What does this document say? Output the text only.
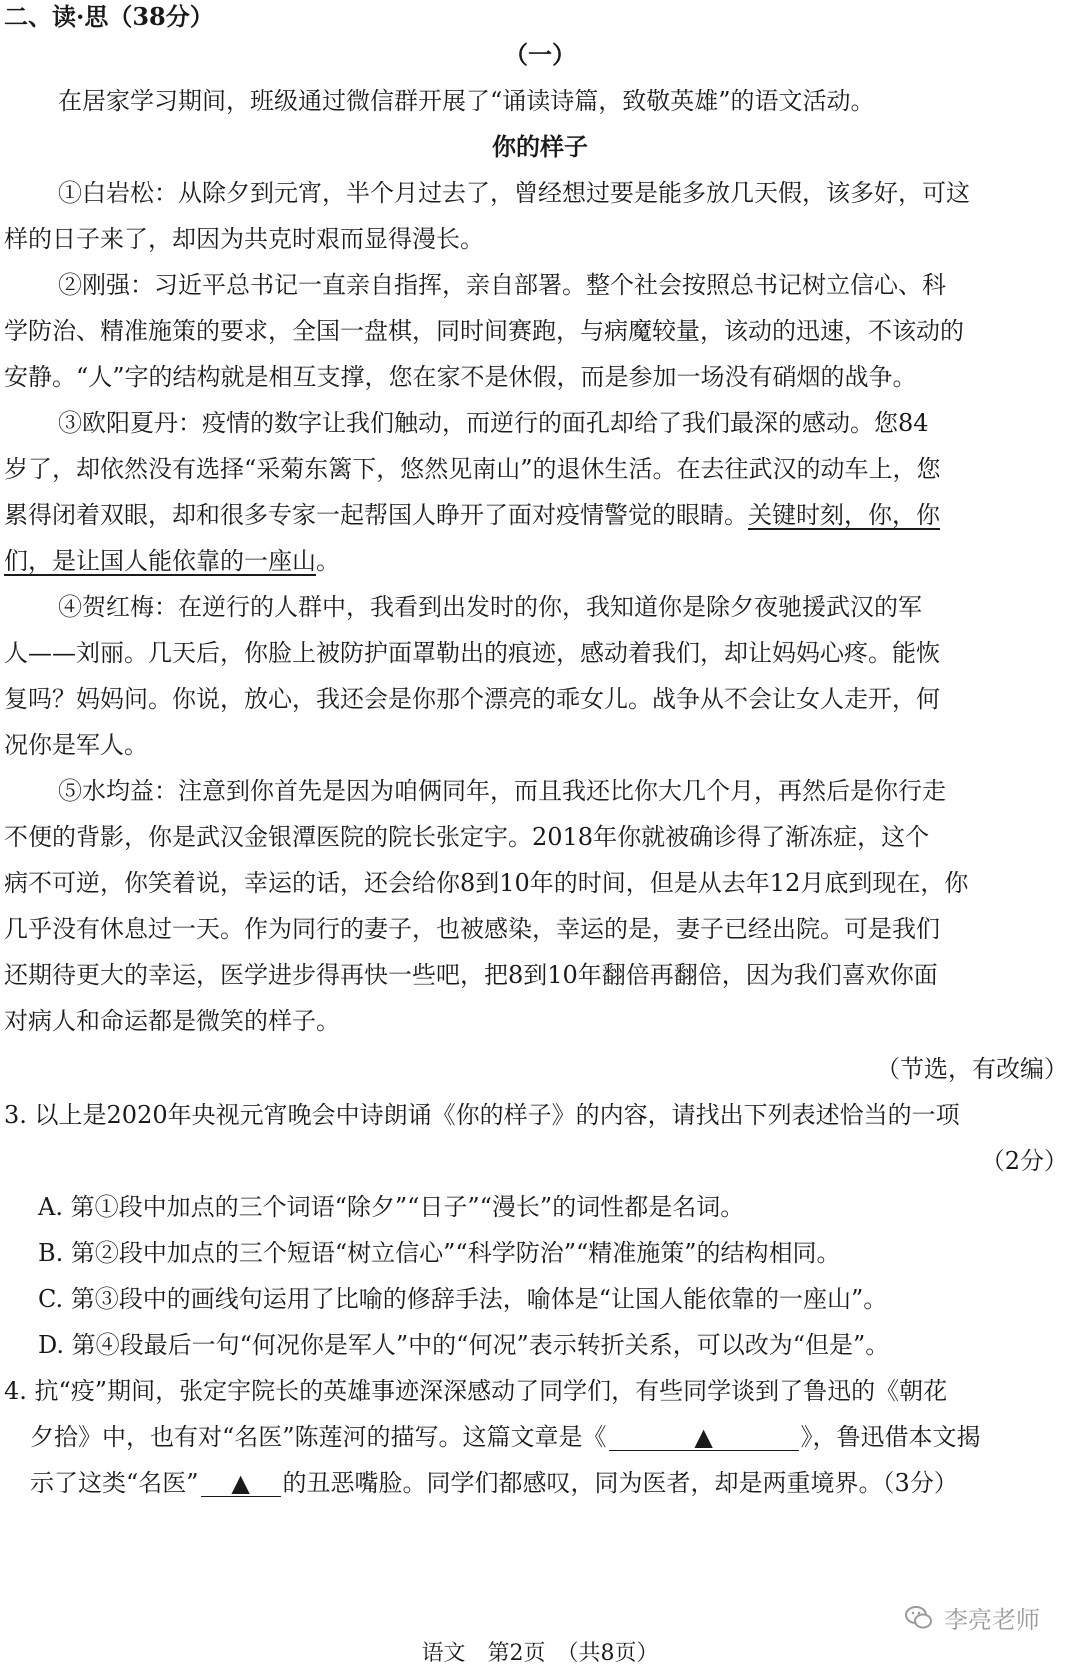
二、读·思（38分）
（一）
在居家学习期间，班级通过微信群开展了“诵读诗篇，致敬英雄”的语文活动。
你的样子
①白岩松：从除夕到元宵，半个月过去了，曾经想过要是能多放几天假，该多好，可这
样的日子来了，却因为共克时艰而显得漫长。
②刚强：习近平总书记一直亲自指挥，亲自部署。整个社会按照总书记树立信心、科
学防治、精准施策的要求，全国一盘棋，同时间赛跑，与病魔较量，该动的迅速，不该动的
安静。“人”字的结构就是相互支撑，您在家不是休假，而是参加一场没有硝烟的战争。
③欧阳夏丹：疫情的数字让我们触动，而逆行的面孔却给了我们最深的感动。您84
岁了，却依然没有选择“采菊东篱下，悠然见南山”的退休生活。在去往武汉的动车上，您
累得闭着双眼，却和很多专家一起帮国人睁开了面对疫情警觉的眼睛。关键时刻，你，你
们，是让国人能依靠的一座山。
④贺红梅：在逆行的人群中，我看到出发时的你，我知道你是除夕夜驰援武汉的军
人——刘丽。几天后，你脸上被防护面罩勒出的痕迹，感动着我们，却让妈妈心疼。能恢
复吗？妈妈问。你说，放心，我还会是你那个漂亮的乖女儿。战争从不会让女人走开，何
况你是军人。
⑤水均益：注意到你首先是因为咱俩同年，而且我还比你大几个月，再然后是你行走
不便的背影，你是武汉金银潭医院的院长张定宇。2018年你就被确诊得了渐冻症，这个
病不可逆，你笑着说，幸运的话，还会给你8到10年的时间，但是从去年12月底到现在，你
几乎没有休息过一天。作为同行的妻子，也被感染，幸运的是，妻子已经出院。可是我们
还期待更大的幸运，医学进步得再快一些吧，把8到10年翻倍再翻倍，因为我们喜欢你面
对病人和命运都是微笑的样子。
（节选，有改编）
3. 以上是2020年央视元宵晚会中诗朗诵《你的样子》的内容，请找出下列表述恰当的一项
（2分）
A. 第①段中加点的三个词语“除夕”“日子”“漫长”的词性都是名词。
B. 第②段中加点的三个短语“树立信心”“科学防治”“精准施策”的结构相同。
C. 第③段中的画线句运用了比喻的修辞手法，喻体是“让国人能依靠的一座山”。
D. 第④段最后一句“何况你是军人”中的“何况”表示转折关系，可以改为“但是”。
4. 抗“疫”期间，张定宇院长的英雄事迹深深感动了同学们，有些同学谈到了鲁迅的《朝花
夕拾》中，也有对“名医”陈莲河的描写。这篇文章是《	▲	》，鲁迅借本文揭
示了这类“名医” ▲ 的丑恶嘴脸。同学们都感叹，同为医者，却是两重境界。（3分）
李亮老师
语文　第2页　（共8页）
